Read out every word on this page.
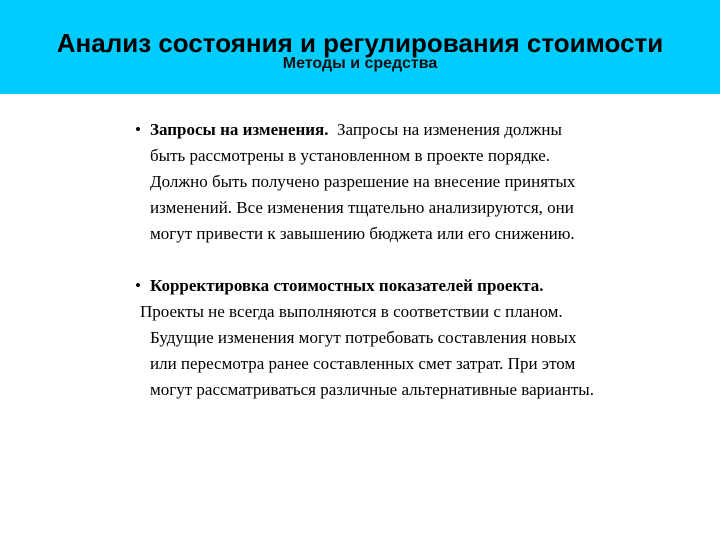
Анализ состояния и регулирования стоимости
Методы и средства
• Запросы на изменения. Запросы на изменения должны
быть рассмотрены в установленном в проекте порядке.
Должно быть получено разрешение на внесение принятых
изменений. Все изменения тщательно анализируются, они
могут привести к завышению бюджета или его снижению.
• Корректировка стоимостных показателей проекта.
Проекты не всегда выполняются в соответствии с планом.
Будущие изменения могут потребовать составления новых
или пересмотра ранее составленных смет затрат. При этом
могут рассматриваться различные альтернативные варианты.
